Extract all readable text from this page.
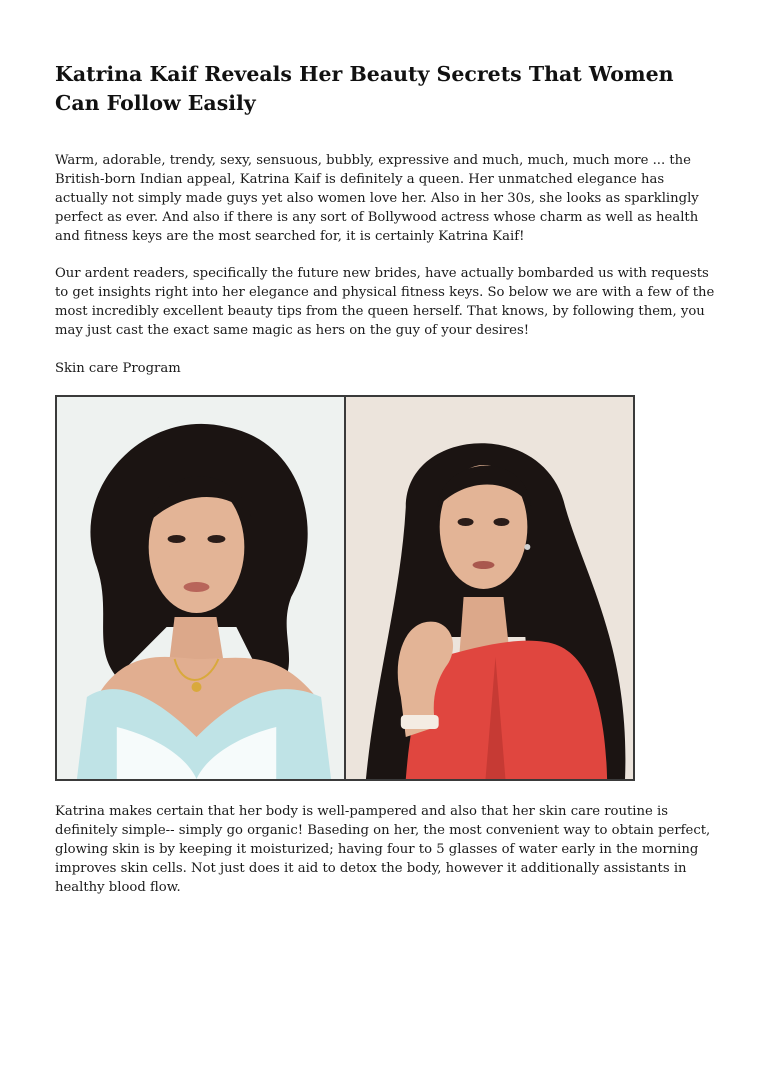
Katrina Kaif Reveals Her Beauty Secrets That Women Can Follow Easily

Warm, adorable, trendy, sexy, sensuous, bubbly, expressive and much, much, much more ... the British-born Indian appeal, Katrina Kaif is definitely a queen. Her unmatched elegance has actually not simply made guys yet also women love her. Also in her 30s, she looks as sparklingly perfect as ever. And also if there is any sort of Bollywood actress whose charm as well as health and fitness keys are the most searched for, it is certainly Katrina Kaif!

Our ardent readers, specifically the future new brides, have actually bombarded us with requests to get insights right into her elegance and physical fitness keys. So below we are with a few of the most incredibly excellent beauty tips from the queen herself. That knows, by following them, you may just cast the exact same magic as hers on the guy of your desires!

Skin care Program

Katrina makes certain that her body is well-pampered and also that her skin care routine is definitely simple-- simply go organic! Baseding on her, the most convenient way to obtain perfect, glowing skin is by keeping it moisturized; having four to 5 glasses of water early in the morning improves skin cells. Not just does it aid to detox the body, however it additionally assistants in healthy blood flow.
